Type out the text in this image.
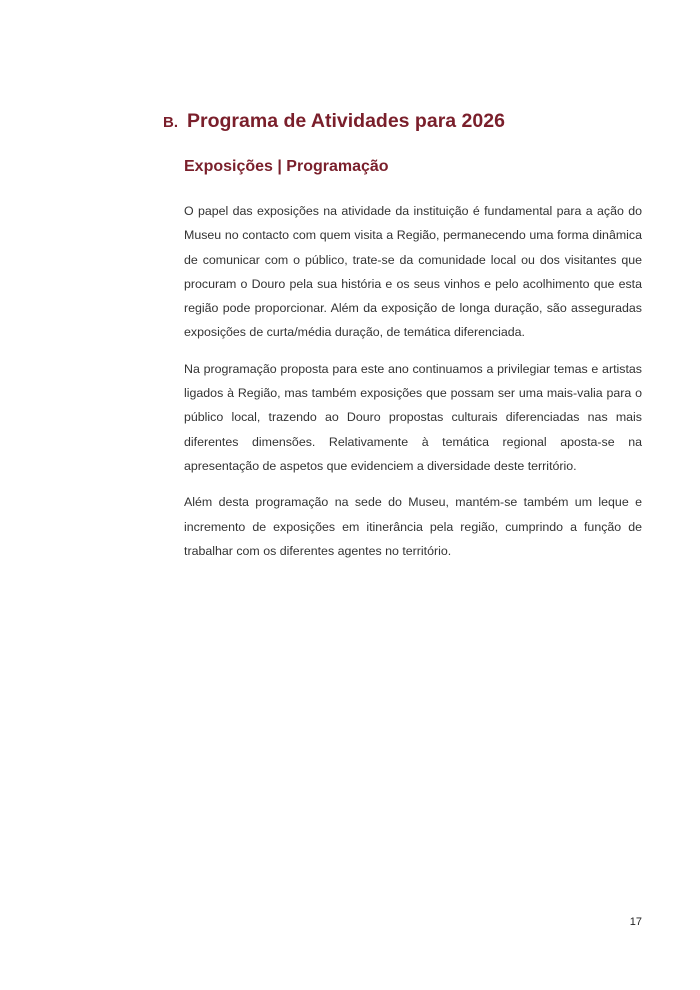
B. Programa de Atividades para 2026
Exposições | Programação

O papel das exposições na atividade da instituição é fundamental para a ação do Museu no contacto com quem visita a Região, permanecendo uma forma dinâmica de comunicar com o público, trate-se da comunidade local ou dos visitantes que procuram o Douro pela sua história e os seus vinhos e pelo acolhimento que esta região pode proporcionar. Além da exposição de longa duração, são asseguradas exposições de curta/média duração, de temática diferenciada.

Na programação proposta para este ano continuamos a privilegiar temas e artistas ligados à Região, mas também exposições que possam ser uma mais-valia para o público local, trazendo ao Douro propostas culturais diferenciadas nas mais diferentes dimensões. Relativamente à temática regional aposta-se na apresentação de aspetos que evidenciem a diversidade deste território.

Além desta programação na sede do Museu, mantém-se também um leque e incremento de exposições em itinerância pela região, cumprindo a função de trabalhar com os diferentes agentes no território.

17
